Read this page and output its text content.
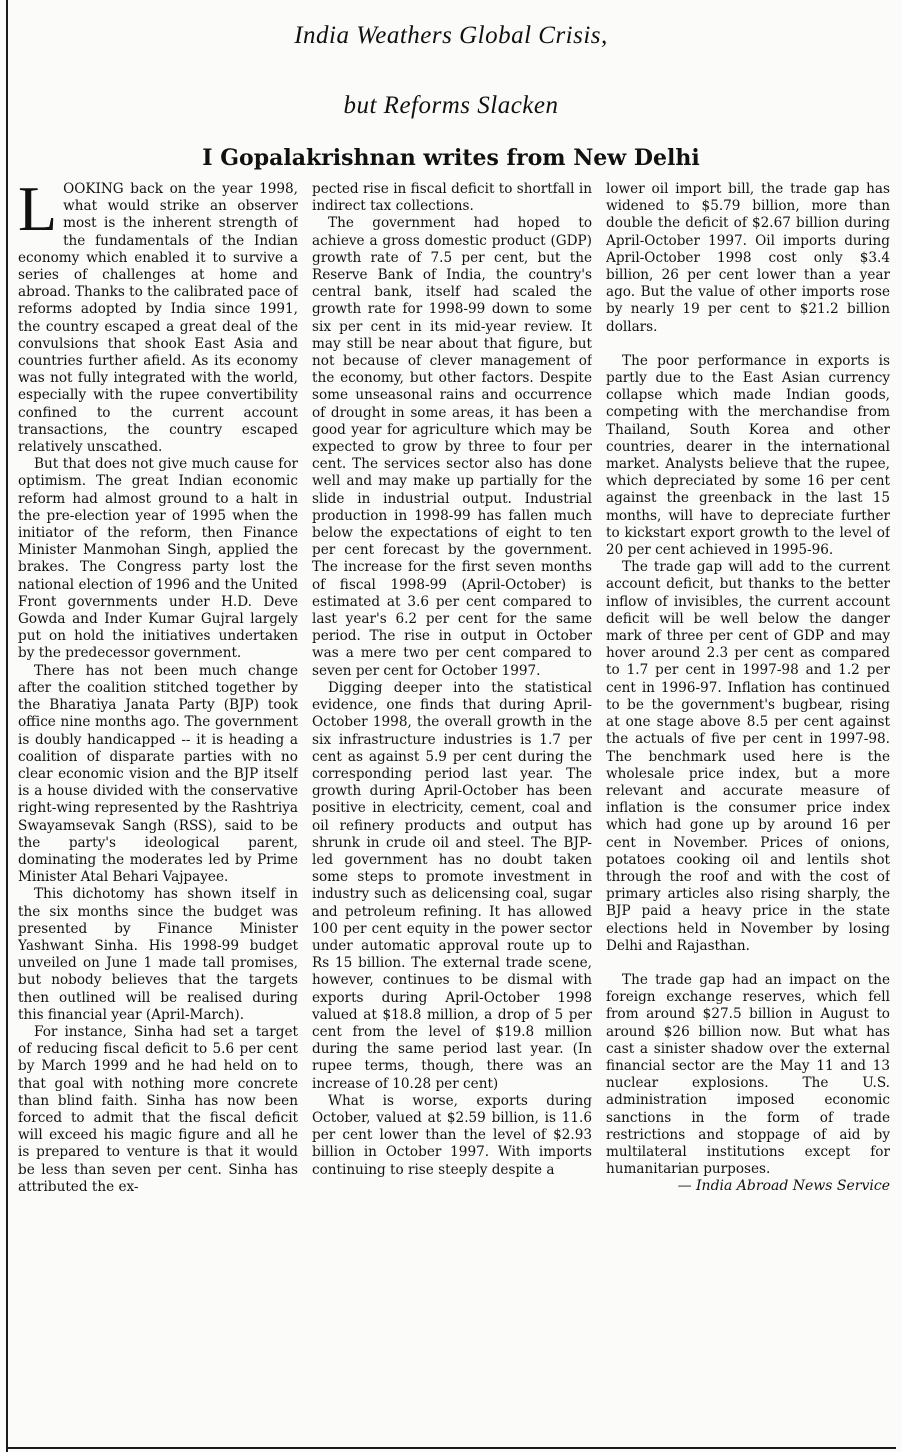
India Weathers Global Crisis,
but Reforms Slacken
I Gopalakrishnan writes from New Delhi

LOOKING back on the year 1998, what would strike an observer most is the inherent strength of the fundamentals of the Indian economy which enabled it to survive a series of challenges at home and abroad. Thanks to the calibrated pace of reforms adopted by India since 1991, the country escaped a great deal of the convulsions that shook East Asia and countries further afield. As its economy was not fully integrated with the world, especially with the rupee convertibility confined to the current account transactions, the country escaped relatively unscathed.

But that does not give much cause for optimism. The great Indian economic reform had almost ground to a halt in the pre-election year of 1995 when the initiator of the reform, then Finance Minister Manmohan Singh, applied the brakes. The Congress party lost the national election of 1996 and the United Front governments under H.D. Deve Gowda and Inder Kumar Gujral largely put on hold the initiatives undertaken by the predecessor government.

There has not been much change after the coalition stitched together by the Bharatiya Janata Party (BJP) took office nine months ago. The government is doubly handicapped -- it is heading a coalition of disparate parties with no clear economic vision and the BJP itself is a house divided with the conservative right-wing represented by the Rashtriya Swayamsevak Sangh (RSS), said to be the party's ideological parent, dominating the moderates led by Prime Minister Atal Behari Vajpayee.

This dichotomy has shown itself in the six months since the budget was presented by Finance Minister Yashwant Sinha. His 1998-99 budget unveiled on June 1 made tall promises, but nobody believes that the targets then outlined will be realised during this financial year (April-March).

For instance, Sinha had set a target of reducing fiscal deficit to 5.6 per cent by March 1999 and he had held on to that goal with nothing more concrete than blind faith. Sinha has now been forced to admit that the fiscal deficit will exceed his magic figure and all he is prepared to venture is that it would be less than seven per cent. Sinha has attributed the ex-

pected rise in fiscal deficit to shortfall in indirect tax collections.

The government had hoped to achieve a gross domestic product (GDP) growth rate of 7.5 per cent, but the Reserve Bank of India, the country's central bank, itself had scaled the growth rate for 1998-99 down to some six per cent in its mid-year review. It may still be near about that figure, but not because of clever management of the economy, but other factors. Despite some unseasonal rains and occurrence of drought in some areas, it has been a good year for agriculture which may be expected to grow by three to four per cent. The services sector also has done well and may make up partially for the slide in industrial output. Industrial production in 1998-99 has fallen much below the expectations of eight to ten per cent forecast by the government. The increase for the first seven months of fiscal 1998-99 (April-October) is estimated at 3.6 per cent compared to last year's 6.2 per cent for the same period. The rise in output in October was a mere two per cent compared to seven per cent for October 1997.

Digging deeper into the statistical evidence, one finds that during April-October 1998, the overall growth in the six infrastructure industries is 1.7 per cent as against 5.9 per cent during the corresponding period last year. The growth during April-October has been positive in electricity, cement, coal and oil refinery products and output has shrunk in crude oil and steel. The BJP-led government has no doubt taken some steps to promote investment in industry such as delicensing coal, sugar and petroleum refining. It has allowed 100 per cent equity in the power sector under automatic approval route up to Rs 15 billion. The external trade scene, however, continues to be dismal with exports during April-October 1998 valued at $18.8 million, a drop of 5 per cent from the level of $19.8 million during the same period last year. (In rupee terms, though, there was an increase of 10.28 per cent)

What is worse, exports during October, valued at $2.59 billion, is 11.6 per cent lower than the level of $2.93 billion in October 1997. With imports continuing to rise steeply despite a

lower oil import bill, the trade gap has widened to $5.79 billion, more than double the deficit of $2.67 billion during April-October 1997. Oil imports during April-October 1998 cost only $3.4 billion, 26 per cent lower than a year ago. But the value of other imports rose by nearly 19 per cent to $21.2 billion dollars.

The poor performance in exports is partly due to the East Asian currency collapse which made Indian goods, competing with the merchandise from Thailand, South Korea and other countries, dearer in the international market. Analysts believe that the rupee, which depreciated by some 16 per cent against the greenback in the last 15 months, will have to depreciate further to kickstart export growth to the level of 20 per cent achieved in 1995-96.

The trade gap will add to the current account deficit, but thanks to the better inflow of invisibles, the current account deficit will be well below the danger mark of three per cent of GDP and may hover around 2.3 per cent as compared to 1.7 per cent in 1997-98 and 1.2 per cent in 1996-97. Inflation has continued to be the government's bugbear, rising at one stage above 8.5 per cent against the actuals of five per cent in 1997-98. The benchmark used here is the wholesale price index, but a more relevant and accurate measure of inflation is the consumer price index which had gone up by around 16 per cent in November. Prices of onions, potatoes cooking oil and lentils shot through the roof and with the cost of primary articles also rising sharply, the BJP paid a heavy price in the state elections held in November by losing Delhi and Rajasthan.

The trade gap had an impact on the foreign exchange reserves, which fell from around $27.5 billion in August to around $26 billion now. But what has cast a sinister shadow over the external financial sector are the May 11 and 13 nuclear explosions. The U.S. administration imposed economic sanctions in the form of trade restrictions and stoppage of aid by multilateral institutions except for humanitarian purposes.

— India Abroad News Service
